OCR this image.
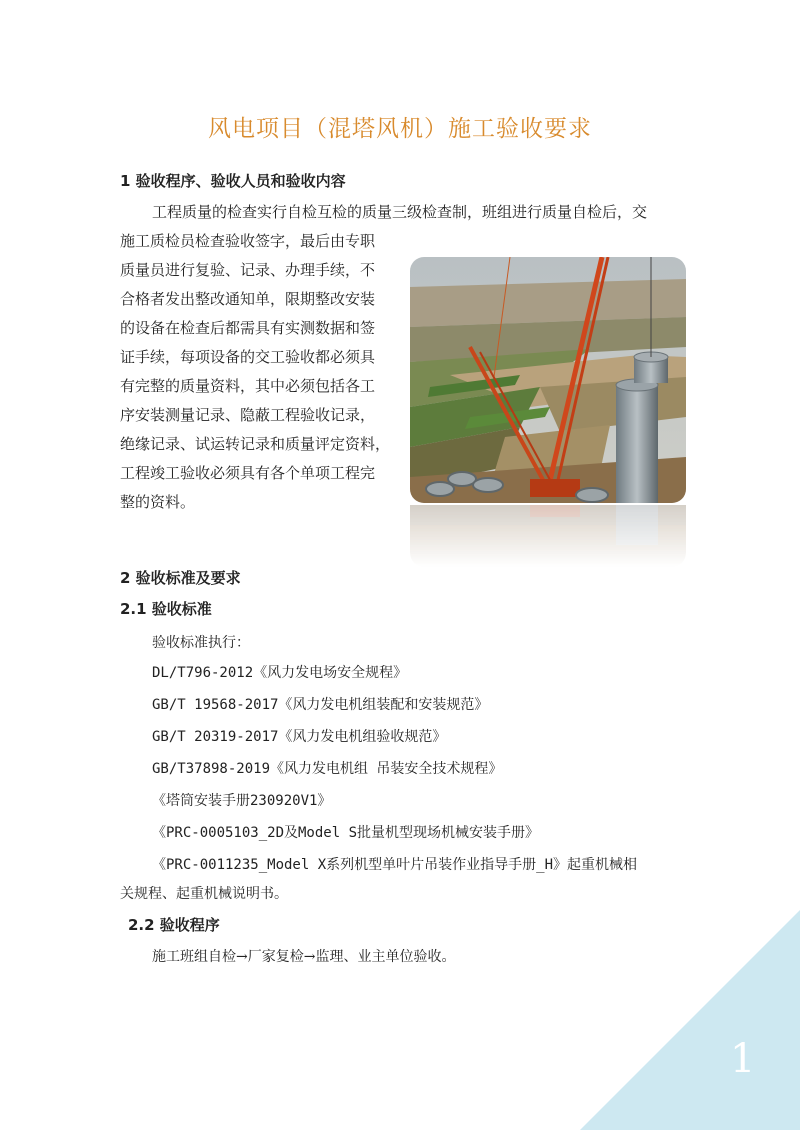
风电项目（混塔风机）施工验收要求
1 验收程序、验收人员和验收内容
工程质量的检查实行自检互检的质量三级检查制，班组进行质量自检后，交
施工质检员检查验收签字，最后由专职
质量员进行复验、记录、办理手续，不
合格者发出整改通知单，限期整改安装
的设备在检查后都需具有实测数据和签
证手续，每项设备的交工验收都必须具
有完整的质量资料，其中必须包括各工
序安装测量记录、隐蔽工程验收记录，
绝缘记录、试运转记录和质量评定资料，
工程竣工验收必须具有各个单项工程完
整的资料。
2 验收标准及要求
2.1 验收标准
验收标准执行：
DL/T796-2012《风力发电场安全规程》
GB/T 19568-2017《风力发电机组装配和安装规范》
GB/T 20319-2017《风力发电机组验收规范》
GB/T37898-2019《风力发电机组 吊装安全技术规程》
《塔筒安装手册230920V1》
《PRC-0005103_2D及Model S批量机型现场机械安装手册》
《PRC-0011235_Model X系列机型单叶片吊装作业指导手册_H》起重机械相
关规程、起重机械说明书。
2.2 验收程序
施工班组自检→厂家复检→监理、业主单位验收。
1
